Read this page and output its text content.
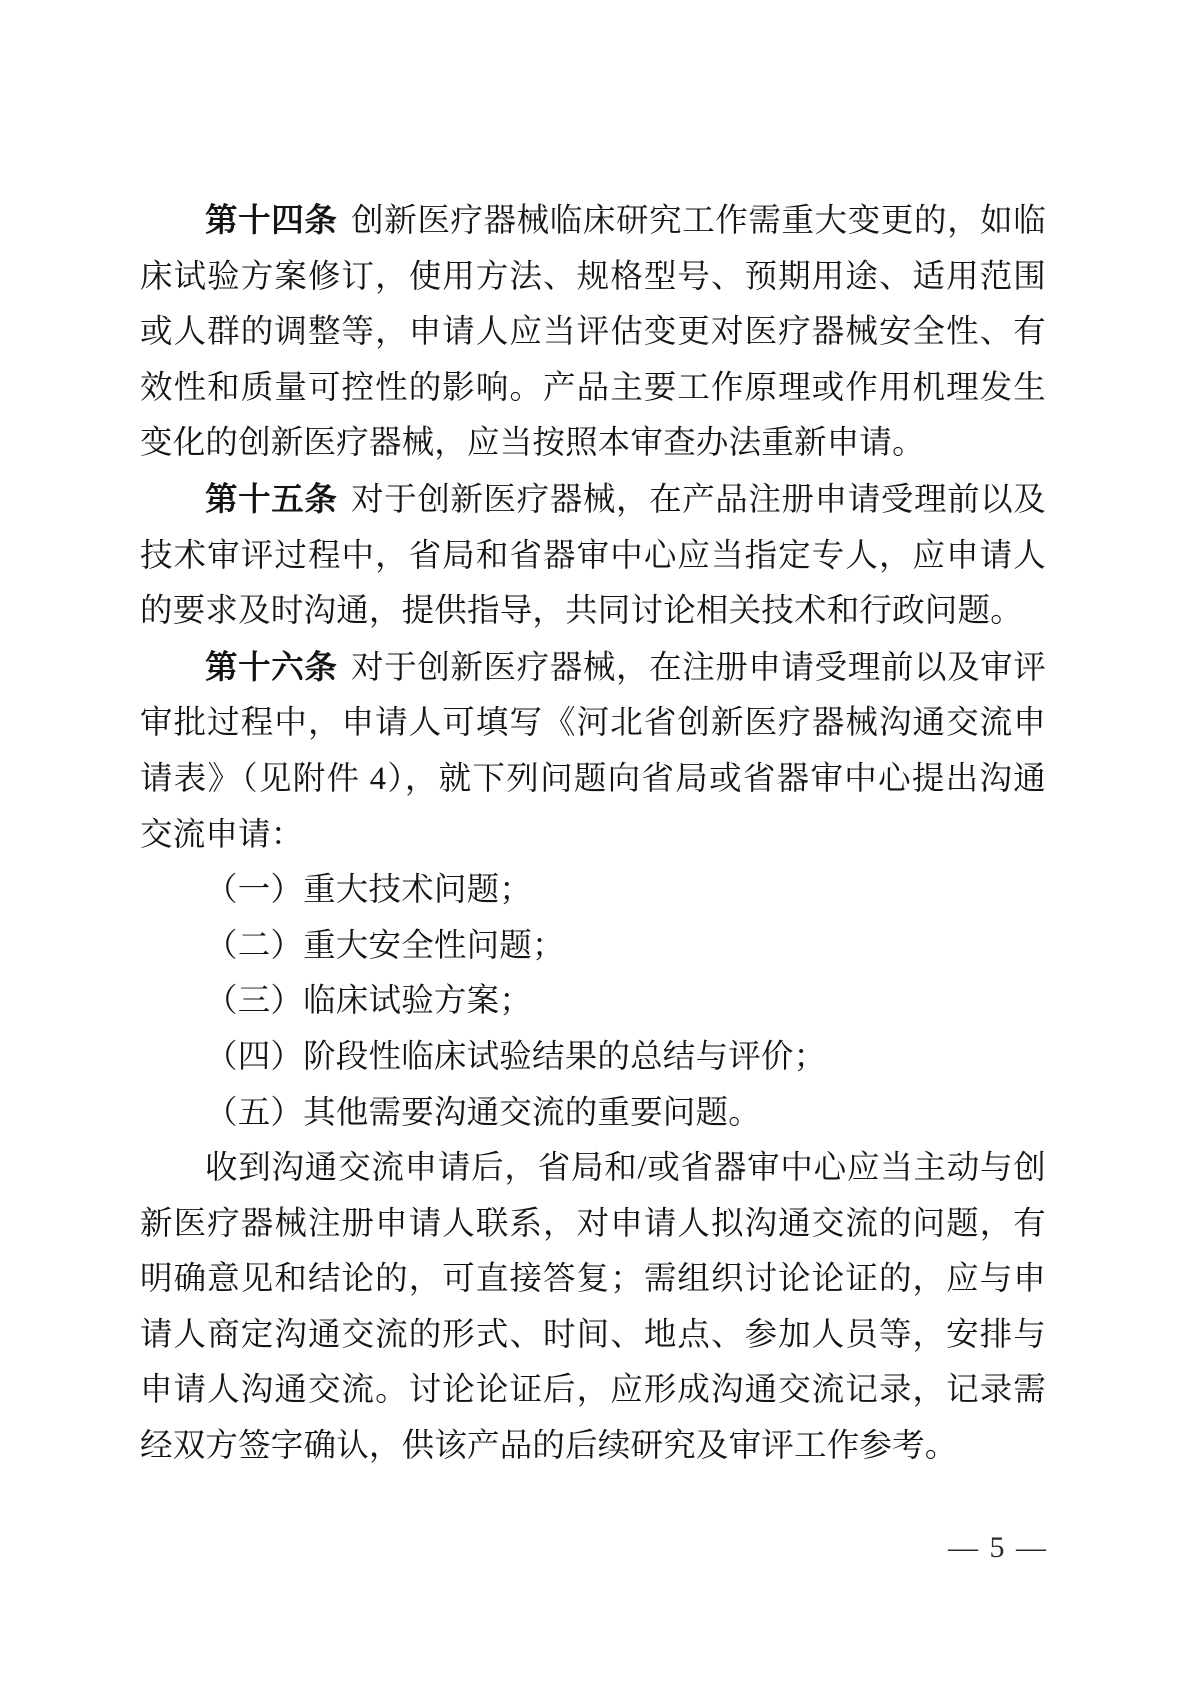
第十四条 创新医疗器械临床研究工作需重大变更的，如临床试验方案修订，使用方法、规格型号、预期用途、适用范围或人群的调整等，申请人应当评估变更对医疗器械安全性、有效性和质量可控性的影响。产品主要工作原理或作用机理发生变化的创新医疗器械，应当按照本审查办法重新申请。

第十五条 对于创新医疗器械，在产品注册申请受理前以及技术审评过程中，省局和省器审中心应当指定专人，应申请人的要求及时沟通，提供指导，共同讨论相关技术和行政问题。

第十六条 对于创新医疗器械，在注册申请受理前以及审评审批过程中，申请人可填写《河北省创新医疗器械沟通交流申请表》（见附件 4），就下列问题向省局或省器审中心提出沟通交流申请：

（一）重大技术问题；

（二）重大安全性问题；

（三）临床试验方案；

（四）阶段性临床试验结果的总结与评价；

（五）其他需要沟通交流的重要问题。

收到沟通交流申请后，省局和/或省器审中心应当主动与创新医疗器械注册申请人联系，对申请人拟沟通交流的问题，有明确意见和结论的，可直接答复；需组织讨论论证的，应与申请人商定沟通交流的形式、时间、地点、参加人员等，安排与申请人沟通交流。讨论论证后，应形成沟通交流记录，记录需经双方签字确认，供该产品的后续研究及审评工作参考。

— 5 —
